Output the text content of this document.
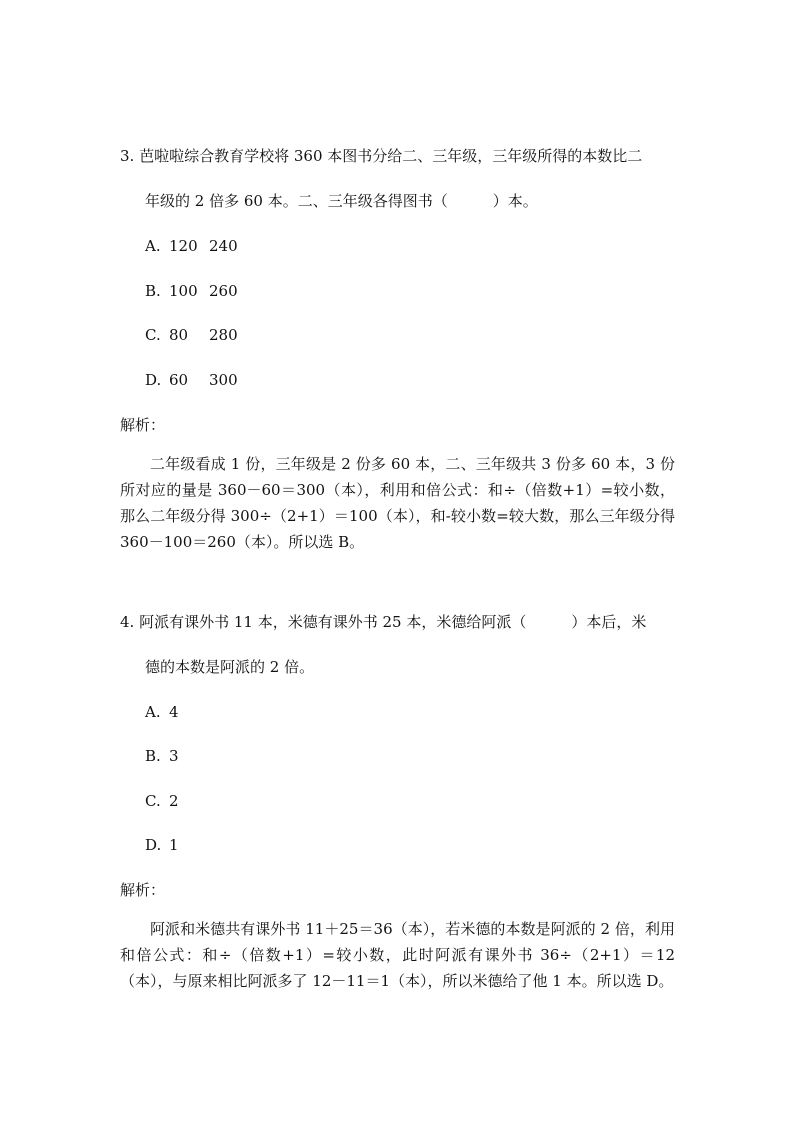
3. 芭啦啦综合教育学校将 360 本图书分给二、三年级，三年级所得的本数比二
年级的 2 倍多 60 本。二、三年级各得图书（　　　）本。
A. 120 240
B. 100 260
C. 80 280
D. 60 300
解析：

二年级看成 1 份，三年级是 2 份多 60 本，二、三年级共 3 份多 60 本，3 份所对应的量是 360－60＝300（本），利用和倍公式：和÷（倍数+1）=较小数，那么二年级分得 300÷（2+1）＝100（本），和-较小数=较大数，那么三年级分得 360－100＝260（本）。所以选 B。

4. 阿派有课外书 11 本，米德有课外书 25 本，米德给阿派（　　　）本后，米
德的本数是阿派的 2 倍。
A. 4
B. 3
C. 2
D. 1
解析：

阿派和米德共有课外书 11＋25＝36（本），若米德的本数是阿派的 2 倍，利用和倍公式：和÷（倍数+1）=较小数，此时阿派有课外书 36÷（2+1）＝12（本），与原来相比阿派多了 12－11＝1（本），所以米德给了他 1 本。所以选 D。
